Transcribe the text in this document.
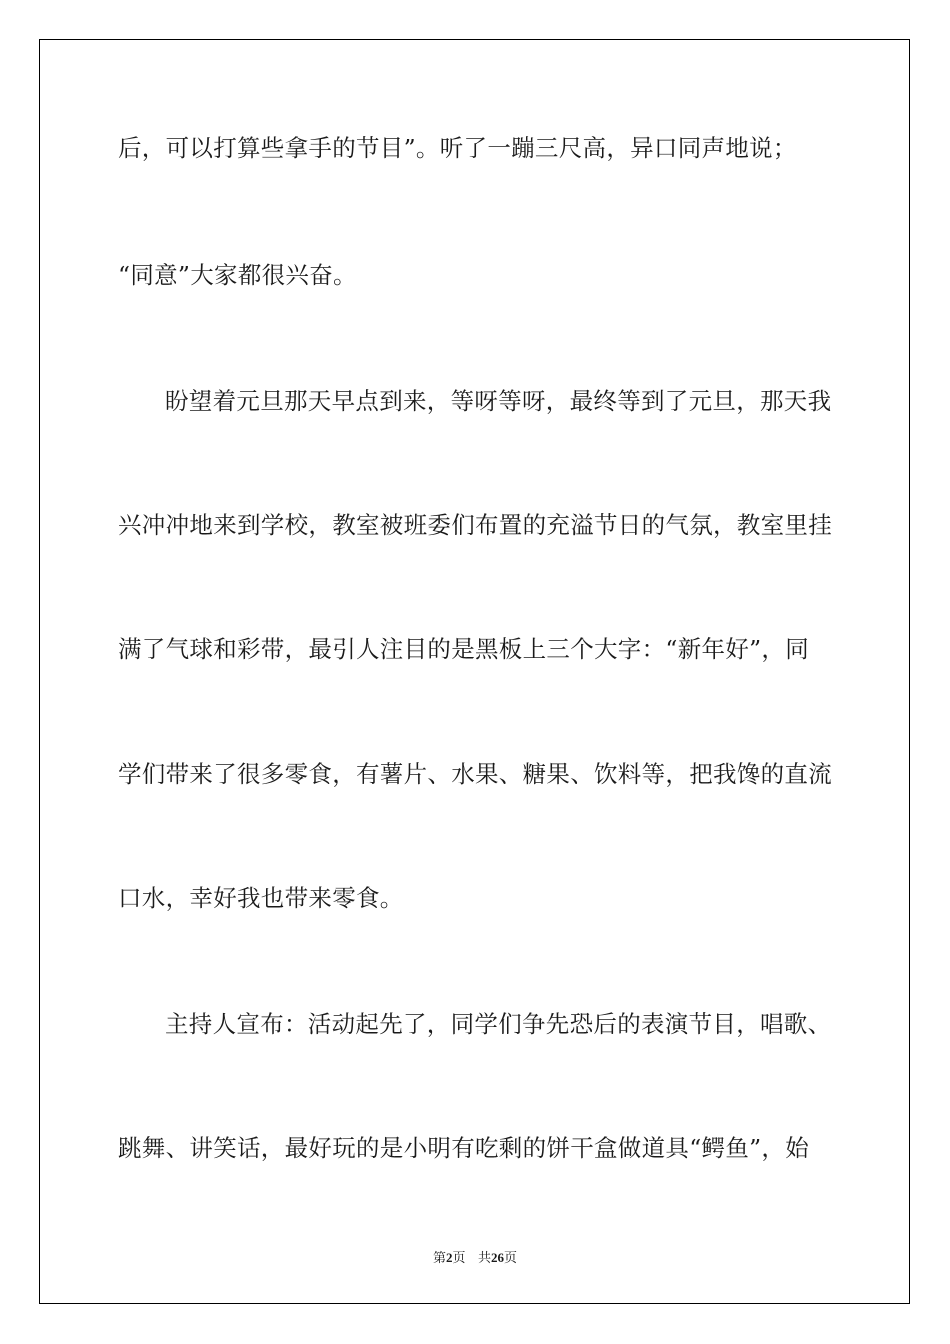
后，可以打算些拿手的节目”。听了一蹦三尺高，异口同声地说；
“同意”大家都很兴奋。
盼望着元旦那天早点到来，等呀等呀，最终等到了元旦，那天我
兴冲冲地来到学校，教室被班委们布置的充溢节日的气氛，教室里挂
满了气球和彩带，最引人注目的是黑板上三个大字：“新年好”，同
学们带来了很多零食，有薯片、水果、糖果、饮料等，把我馋的直流
口水，幸好我也带来零食。
主持人宣布：活动起先了，同学们争先恐后的表演节目，唱歌、
跳舞、讲笑话，最好玩的是小明有吃剩的饼干盒做道具“鳄鱼”，始
第2页 共26页
